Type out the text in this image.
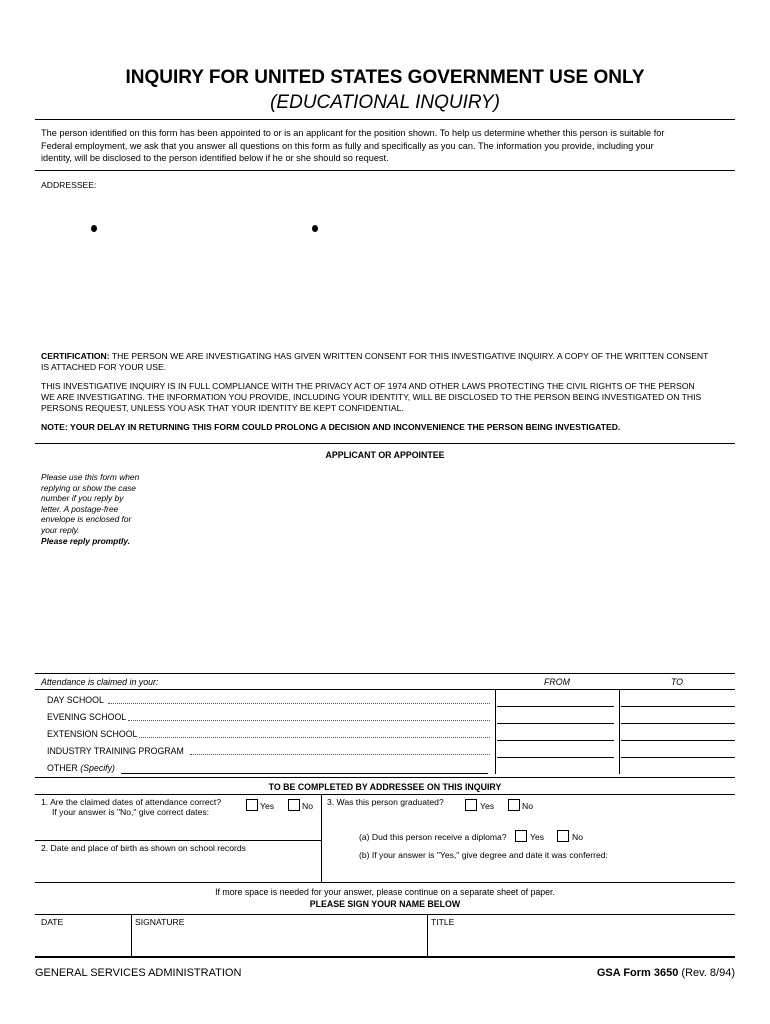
INQUIRY FOR UNITED STATES GOVERNMENT USE ONLY
(EDUCATIONAL INQUIRY)
The person identified on this form has been appointed to or is an applicant for the position shown. To help us determine whether this person is suitable for
Federal employment, we ask that you answer all questions on this form as fully and specifically as you can. The information you provide, including your
identity, will be disclosed to the person identified below if he or she should so request.
ADDRESSEE:

CERTIFICATION: THE PERSON WE ARE INVESTIGATING HAS GIVEN WRITTEN CONSENT FOR THIS INVESTIGATIVE INQUIRY. A COPY OF THE WRITTEN CONSENT
IS ATTACHED FOR YOUR USE.

THIS INVESTIGATIVE INQUIRY IS IN FULL COMPLIANCE WITH THE PRIVACY ACT OF 1974 AND OTHER LAWS PROTECTING THE CIVIL RIGHTS OF THE PERSON
WE ARE INVESTIGATING. THE INFORMATION YOU PROVIDE, INCLUDING YOUR IDENTITY, WILL BE DISCLOSED TO THE PERSON BEING INVESTIGATED ON THIS
PERSONS REQUEST, UNLESS YOU ASK THAT YOUR IDENTITY BE KEPT CONFIDENTIAL.

NOTE: YOUR DELAY IN RETURNING THIS FORM COULD PROLONG A DECISION AND INCONVENIENCE THE PERSON BEING INVESTIGATED.

APPLICANT OR APPOINTEE
Please use this form when
replying or show the case
number if you reply by
letter. A postage-free
envelope is enclosed for
your reply.
Please reply promptly.
Attendance is claimed in your:	FROM	TO
DAY SCHOOL
EVENING SCHOOL
EXTENSION SCHOOL
INDUSTRY TRAINING PROGRAM
OTHER (Specify)
TO BE COMPLETED BY ADDRESSEE ON THIS INQUIRY
1. Are the claimed dates of attendance correct?
If your answer is "No," give correct dates:
Yes	No
2. Date and place of birth as shown on school records
3. Was this person graduated?	Yes	No
(a) Dud this person receive a diploma?	Yes	No
(b) If your answer is "Yes," give degree and date it was conferred:
If more space is needed for your answer, please continue on a separate sheet of paper.
PLEASE SIGN YOUR NAME BELOW
DATE	SIGNATURE	TITLE
GENERAL SERVICES ADMINISTRATION	GSA Form 3650 (Rev. 8/94)
